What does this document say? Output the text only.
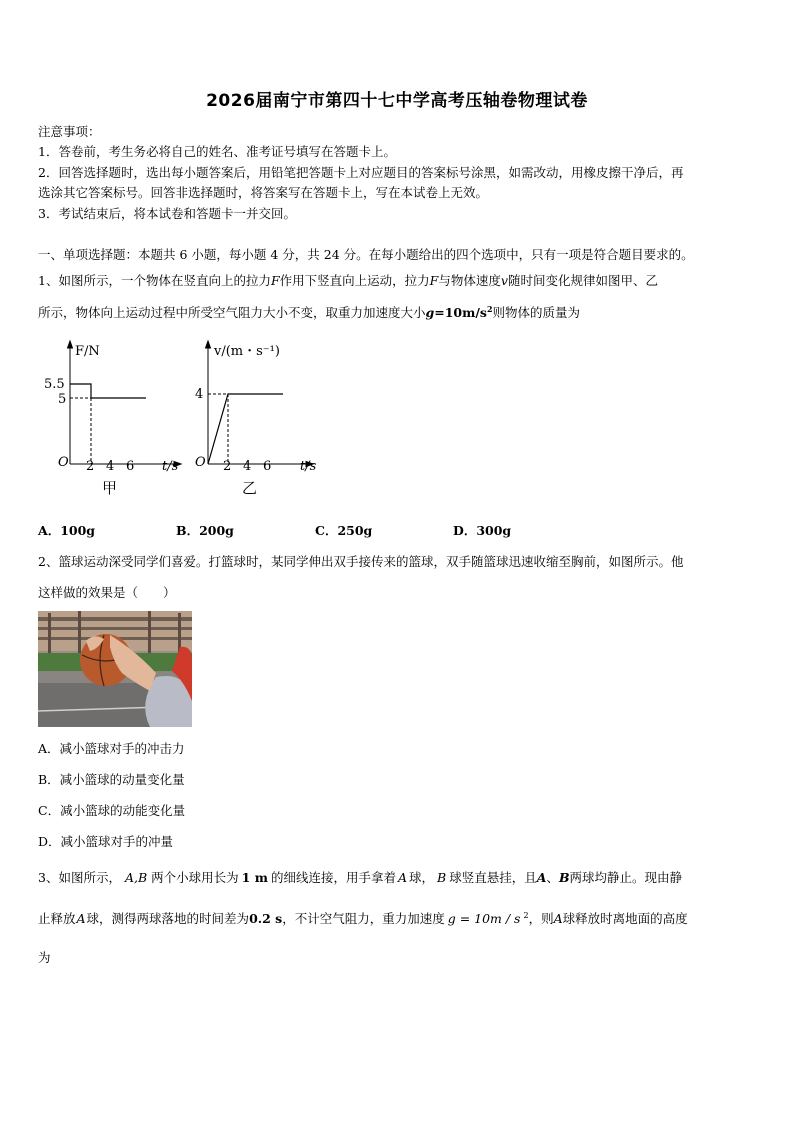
2026届南宁市第四十七中学高考压轴卷物理试卷
注意事项：
1．答卷前，考生务必将自己的姓名、准考证号填写在答题卡上。
2．回答选择题时，选出每小题答案后，用铅笔把答题卡上对应题目的答案标号涂黑，如需改动，用橡皮擦干净后，再
选涂其它答案标号。回答非选择题时，将答案写在答题卡上，写在本试卷上无效。
3．考试结束后，将本试卷和答题卡一并交回。
一、单项选择题：本题共 6 小题，每小题 4 分，共 24 分。在每小题给出的四个选项中，只有一项是符合题目要求的。
1、如图所示，一个物体在竖直向上的拉力F作用下竖直向上运动，拉力F与物体速度v随时间变化规律如图甲、乙
所示，物体向上运动过程中所受空气阻力大小不变，取重力加速度大小$g=10m/s^2$则物体的质量为
F/N
5.5
5
O 2 4 6 t/s
甲
v/(m・s⁻¹)
4
O 2 4 6 t/s
乙
A．100g	B．200g	C．250g	D．300g
2、篮球运动深受同学们喜爱。打篮球时，某同学伸出双手接传来的篮球，双手随篮球迅速收缩至胸前，如图所示。他
这样做的效果是（　　）
A．减小篮球对手的冲击力
B．减小篮球的动量变化量
C．减小篮球的动能变化量
D．减小篮球对手的冲量
3、如图所示， A,B 两个小球用长为 1 m 的细线连接，用手拿着 A 球， B 球竖直悬挂，且A、B两球均静止。现由静
止释放A球，测得两球落地的时间差为0.2 s，不计空气阻力，重力加速度 g = 10m / s $^2$，则A球释放时离地面的高度
为
